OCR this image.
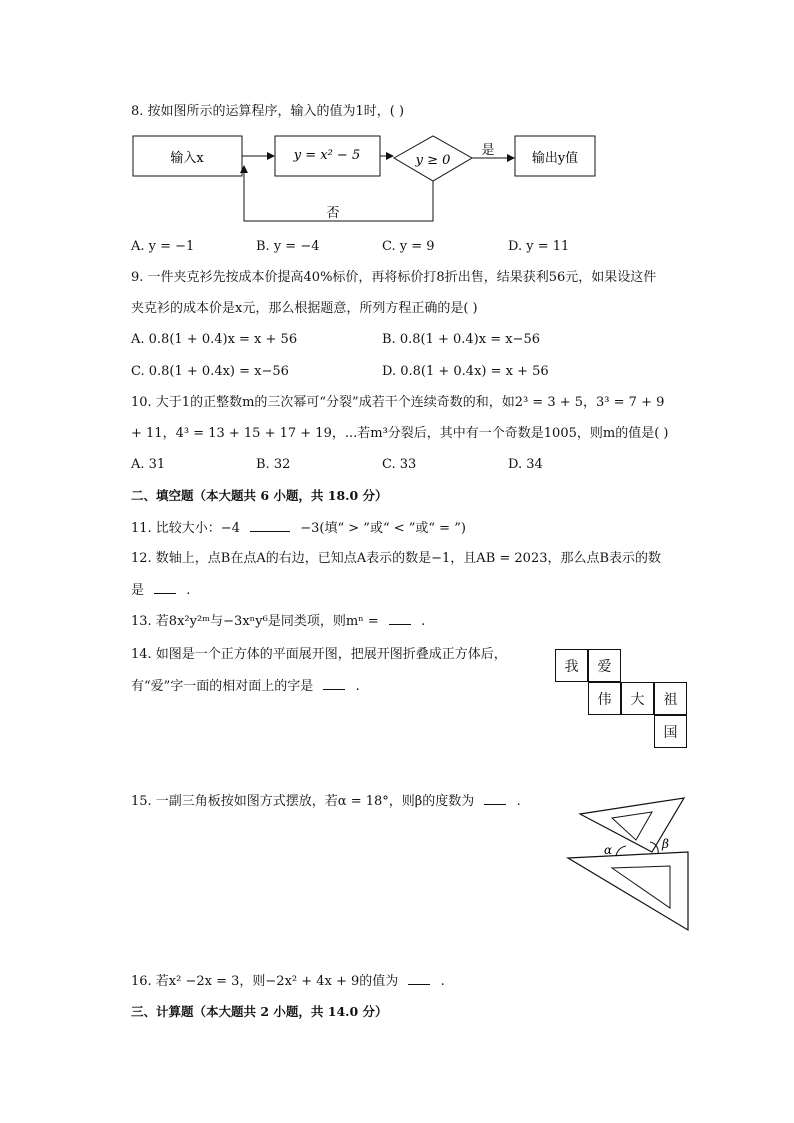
8. 按如图所示的运算程序，输入的值为1时，( )
输入x	y = x² − 5	y ≥ 0
是
输出y值
否
A. y = −1	B. y = −4	C. y = 9	D. y = 11
9. 一件夹克衫先按成本价提高40%标价，再将标价打8折出售，结果获利56元，如果设这件
夹克衫的成本价是x元，那么根据题意，所列方程正确的是( )
A. 0.8(1 + 0.4)x = x + 56	B. 0.8(1 + 0.4)x = x−56
C. 0.8(1 + 0.4x) = x−56	D. 0.8(1 + 0.4x) = x + 56
10. 大于1的正整数m的三次幂可“分裂”成若干个连续奇数的和，如2³ = 3 + 5，3³ = 7 + 9
+ 11，4³ = 13 + 15 + 17 + 19，...若m³分裂后，其中有一个奇数是1005，则m的值是( )
A. 31	B. 32	C. 33	D. 34
二、填空题（本大题共 6 小题，共 18.0 分）
11. 比较大小：−4	−3(填“ > ”或“ < ”或“ = ”)
12. 数轴上，点B在点A的右边，已知点A表示的数是−1，且AB = 2023，那么点B表示的数
是	.
13. 若8x²y²ᵐ与−3xⁿy⁶是同类项，则mⁿ =	.
14. 如图是一个正方体的平面展开图，把展开图折叠成正方体后，
有“爱”字一面的相对面上的字是	.
我	爱
伟	大	祖
国
15. 一副三角板按如图方式摆放，若α = 18°，则β的度数为	.
α	β
16. 若x² −2x = 3，则−2x² + 4x + 9的值为	.
三、计算题（本大题共 2 小题，共 14.0 分）
